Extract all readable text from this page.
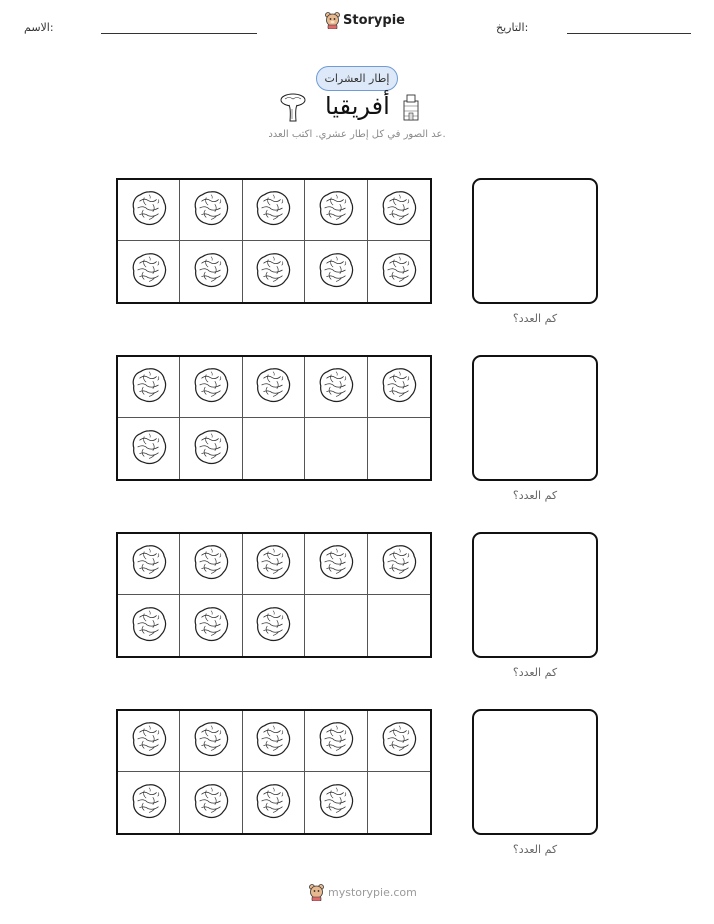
الاسم:	Storypie	التاريخ:
إطار العشرات
أفريقيا
عد الصور في كل إطار عشري. اكتب العدد.
كم العدد؟
كم العدد؟
كم العدد؟
كم العدد؟
mystorypie.com
